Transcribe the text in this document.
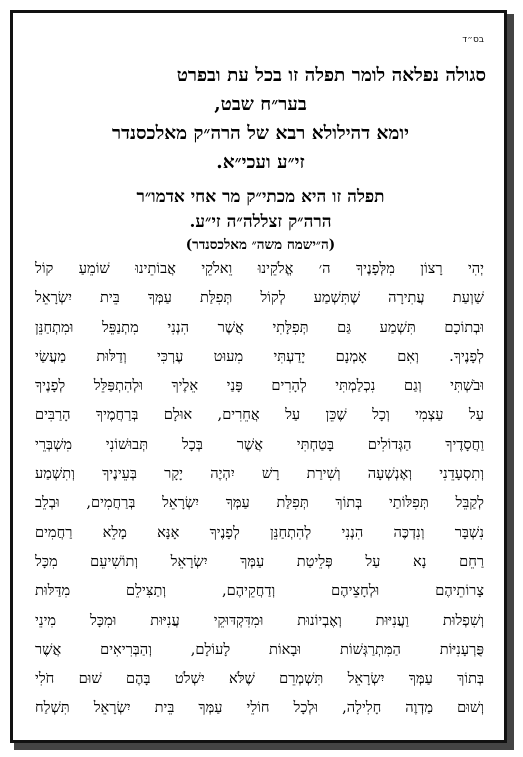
בס״ד
סגולה נפלאה לומר תפלה זו בכל עת ובפרט
בער״ח שבט,
יומא דהילולא רבא של הרה״ק מאלכסנדר
זי״ע ועכי״א.
תפלה זו היא מכתי״ק מר אחי אדמו״ר
הרה״ק זצללה״ה זי״ע.
(ה״ישמח משה״ מאלכסנדר)
יְהִי רָצוֹן מִלְּפָנֶיךָ ה׳ אֱלֹקֵינוּ וֵאלֹקֵי אֲבוֹתֵינוּ שׁוֹמֵעַ קוֹל
שַׁוְעַת עֲתִירָה שֶׁתִּשְׁמַע לְקוֹל תְּפִלַּת עַמְּךָ בֵּית יִשְׂרָאֵל
וּבְתוֹכָם תִּשְׁמַע גַּם תְּפִלָּתִי אֲשֶׁר הִנְנִי מִתְנַפֵּל וּמִתְחַנֵּן
לְפָנֶיךָ. וְאִם אָמְנָם יָדַעְתִּי מִעוּט עֶרְכִּי וְדַלּוּת מַעֲשַׂי
וּבֹשְׁתִּי וְגַם נִכְלַמְתִּי לְהָרִים פָּנַי אֵלֶיךָ וּלְהִתְפַּלֵּל לְפָנֶיךָ
עַל עַצְמִי וְכָל שֶׁכֵּן עַל אֲחֵרִים, אוּלָם בְּרַחֲמֶיךָ הָרַבִּים
וַחֲסָדֶיךָ הַגְּדוֹלִים בָּטַחְתִּי אֲשֶׁר בְּכָל תְּבוּשׁוֹנִי מִשְׁבְּרֵי
וְתִסְעָדֵנִי וְאֶנְשְׁעָה וְשִׁירַת רָשׁ יִהְיֶה יָקָר בְּעֵינֶיךָ וְתִשְׁמַע
לְקַבֵּל תְּפִלּוֹתַי בְּתוֹךְ תְּפִלַּת עַמְּךָ יִשְׂרָאֵל בְּרַחֲמִים, וּבְלֵב
נִשְׁבָּר וְנִדְכֶּה הִנְנִי לְהִתְחַנֵּן לְפָנֶיךָ אָנָּא מָלֵא רַחֲמִים
רַחֵם נָא עַל פְּלֵיטַת עַמְּךָ יִשְׂרָאֵל וְתוֹשִׁיעֵם מִכָּל
צָרוֹתֵיהֶם וּלְחָצֵיהֶם וְדַחֲקֵיהֶם, וְתַצִּילֵם מִדַּלּוּת
וְשִׁפְלוּת וַעֲנִיּוּת וְאֶבְיוֹנוּת וּמִדִּקְדּוּקֵי עֲנִיּוּת וּמִכָּל מִינֵי
פֻּרְעָנִיּוֹת הַמִּתְרַגְּשׁוֹת וּבָאוֹת לָעוֹלָם, וְהַבְּרִיאִים אֲשֶׁר
בְּתוֹךְ עַמְּךָ יִשְׂרָאֵל תִּשְׁמְרֵם שֶׁלֹּא יִשְׁלֹט בָּהֶם שׁוּם חֹלִי
וְשׁוּם מַדְוֶה חָלִילָה, וּלְכָל חוֹלֵי עַמְּךָ בֵּית יִשְׂרָאֵל תִּשְׁלַח
